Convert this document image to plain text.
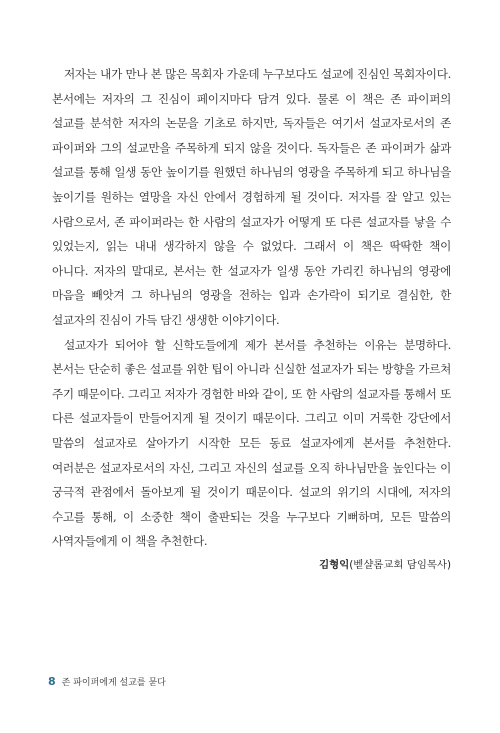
저자는 내가 만나 본 많은 목회자 가운데 누구보다도 설교에 진심인 목회자이다. 본서에는 저자의 그 진심이 페이지마다 담겨 있다. 물론 이 책은 존 파이퍼의 설교를 분석한 저자의 논문을 기초로 하지만, 독자들은 여기서 설교자로서의 존 파이퍼와 그의 설교만을 주목하게 되지 않을 것이다. 독자들은 존 파이퍼가 삶과 설교를 통해 일생 동안 높이기를 원했던 하나님의 영광을 주목하게 되고 하나님을 높이기를 원하는 열망을 자신 안에서 경험하게 될 것이다. 저자를 잘 알고 있는 사람으로서, 존 파이퍼라는 한 사람의 설교자가 어떻게 또 다른 설교자를 낳을 수 있었는지, 읽는 내내 생각하지 않을 수 없었다. 그래서 이 책은 딱딱한 책이 아니다. 저자의 말대로, 본서는 한 설교자가 일생 동안 가리킨 하나님의 영광에 마음을 빼앗겨 그 하나님의 영광을 전하는 입과 손가락이 되기로 결심한, 한 설교자의 진심이 가득 담긴 생생한 이야기이다.

설교자가 되어야 할 신학도들에게 제가 본서를 추천하는 이유는 분명하다. 본서는 단순히 좋은 설교를 위한 팁이 아니라 신실한 설교자가 되는 방향을 가르쳐 주기 때문이다. 그리고 저자가 경험한 바와 같이, 또 한 사람의 설교자를 통해서 또 다른 설교자들이 만들어지게 될 것이기 때문이다. 그리고 이미 거룩한 강단에서 말씀의 설교자로 살아가기 시작한 모든 동료 설교자에게 본서를 추천한다. 여러분은 설교자로서의 자신, 그리고 자신의 설교를 오직 하나님만을 높인다는 이 궁극적 관점에서 돌아보게 될 것이기 때문이다. 설교의 위기의 시대에, 저자의 수고를 통해, 이 소중한 책이 출판되는 것을 누구보다 기뻐하며, 모든 말씀의 사역자들에게 이 책을 추천한다.

김형익(벧샬롬교회 담임목사)

8 존 파이퍼에게 설교를 묻다
